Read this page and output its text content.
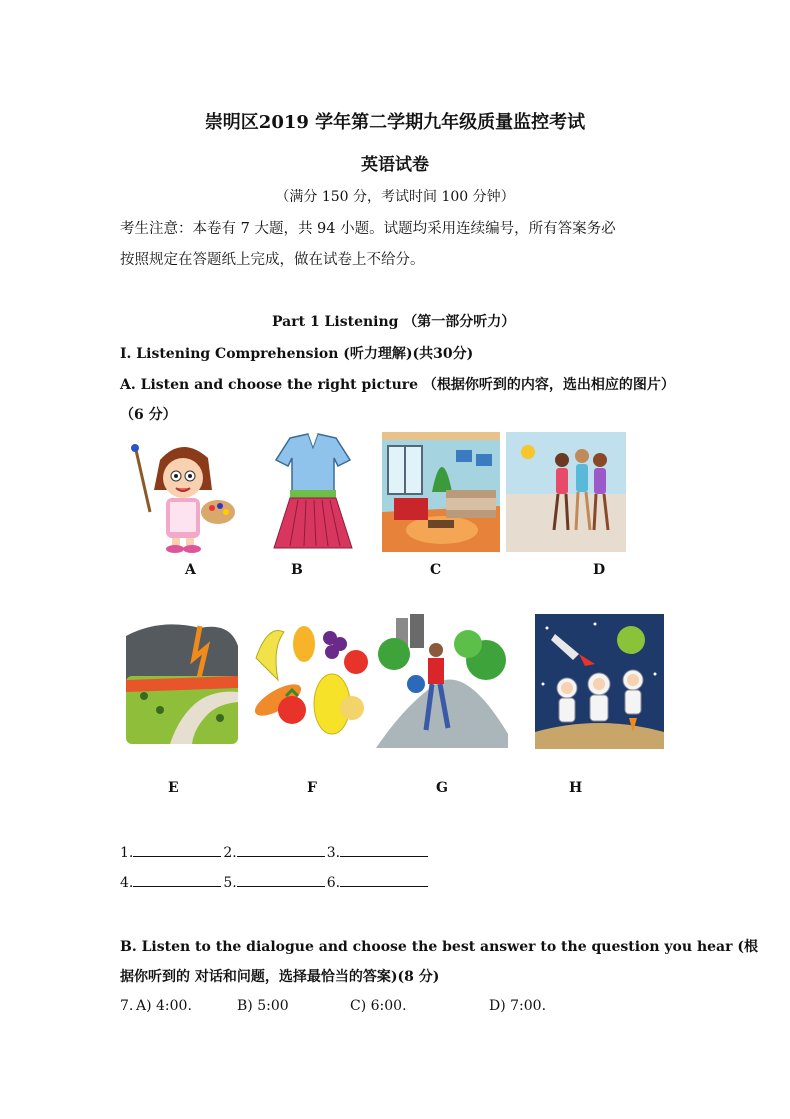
崇明区2019 学年第二学期九年级质量监控考试
英语试卷
（满分 150 分，考试时间 100 分钟）
考生注意：本卷有 7 大题，共 94 小题。试题均采用连续编号，所有答案务必
按照规定在答题纸上完成，做在试卷上不给分。
Part 1 Listening （第一部分听力）
I. Listening Comprehension (听力理解)(共30分)
A. Listen and choose the right picture （根据你听到的内容，选出相应的图片）
（6 分）
A	B	C	D
E	F	G	H
1.	2.	3.
4.	5.	6.
B. Listen to the dialogue and choose the best answer to the question you hear (根
据你听到的 对话和问题，选择最恰当的答案)(8 分)
7. A) 4:00.	B) 5:00	C) 6:00.	D) 7:00.
